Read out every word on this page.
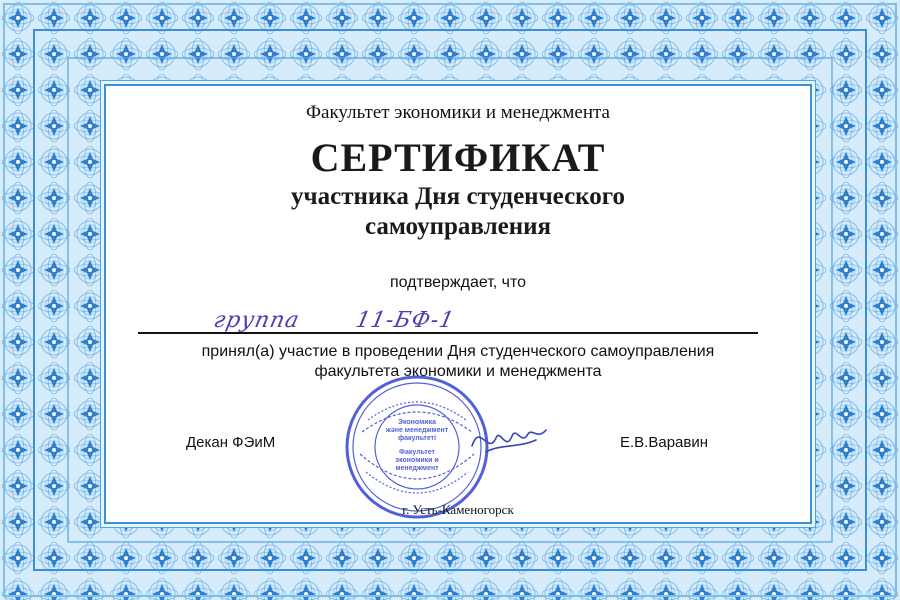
Факультет экономики и менеджмента
СЕРТИФИКАТ
участника Дня студенческого
самоуправления
подтверждает, что
группа 11-БФ-1
принял(а) участие в проведении Дня студенческого самоуправления
факультета экономики и менеджмента
Декан ФЭиМ	Е.В.Варавин
Экономика
және менеджмент
факультеті
Факультет
экономики и
менеджмент
г. Усть-Каменогорск
